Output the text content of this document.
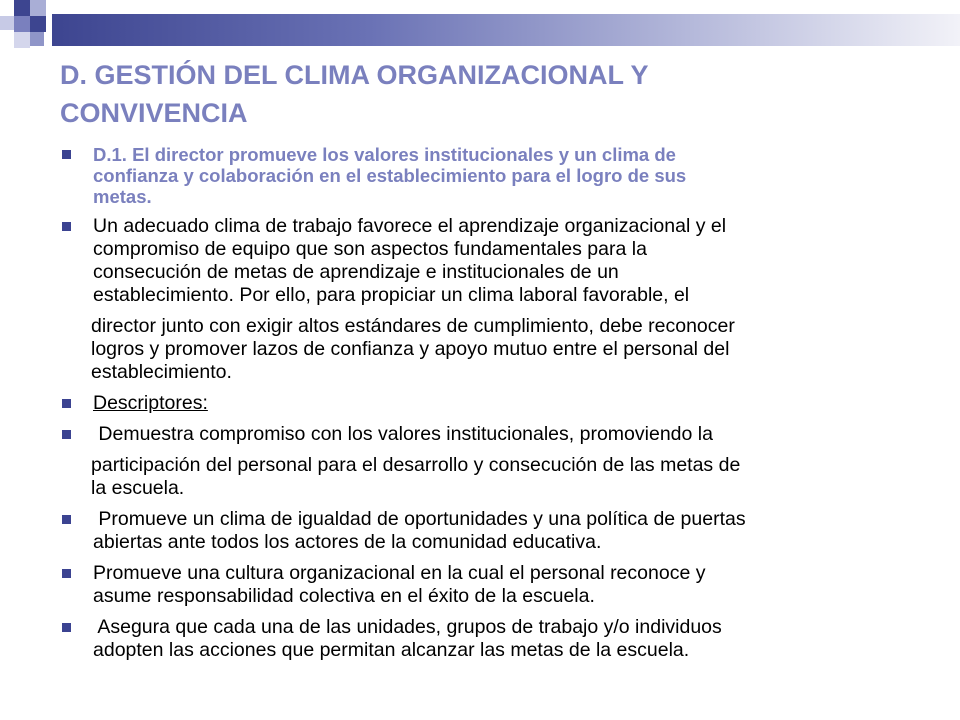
D. GESTIÓN DEL CLIMA ORGANIZACIONAL Y
CONVIVENCIA
D.1. El director promueve los valores institucionales y un clima de
confianza y colaboración en el establecimiento para el logro de sus
metas.
Un adecuado clima de trabajo favorece el aprendizaje organizacional y el
compromiso de equipo que son aspectos fundamentales para la
consecución de metas de aprendizaje e institucionales de un
establecimiento. Por ello, para propiciar un clima laboral favorable, el
director junto con exigir altos estándares de cumplimiento, debe reconocer
logros y promover lazos de confianza y apoyo mutuo entre el personal del
establecimiento.
Descriptores:
Demuestra compromiso con los valores institucionales, promoviendo la
participación del personal para el desarrollo y consecución de las metas de
la escuela.
Promueve un clima de igualdad de oportunidades y una política de puertas
abiertas ante todos los actores de la comunidad educativa.
Promueve una cultura organizacional en la cual el personal reconoce y
asume responsabilidad colectiva en el éxito de la escuela.
Asegura que cada una de las unidades, grupos de trabajo y/o individuos
adopten las acciones que permitan alcanzar las metas de la escuela.
